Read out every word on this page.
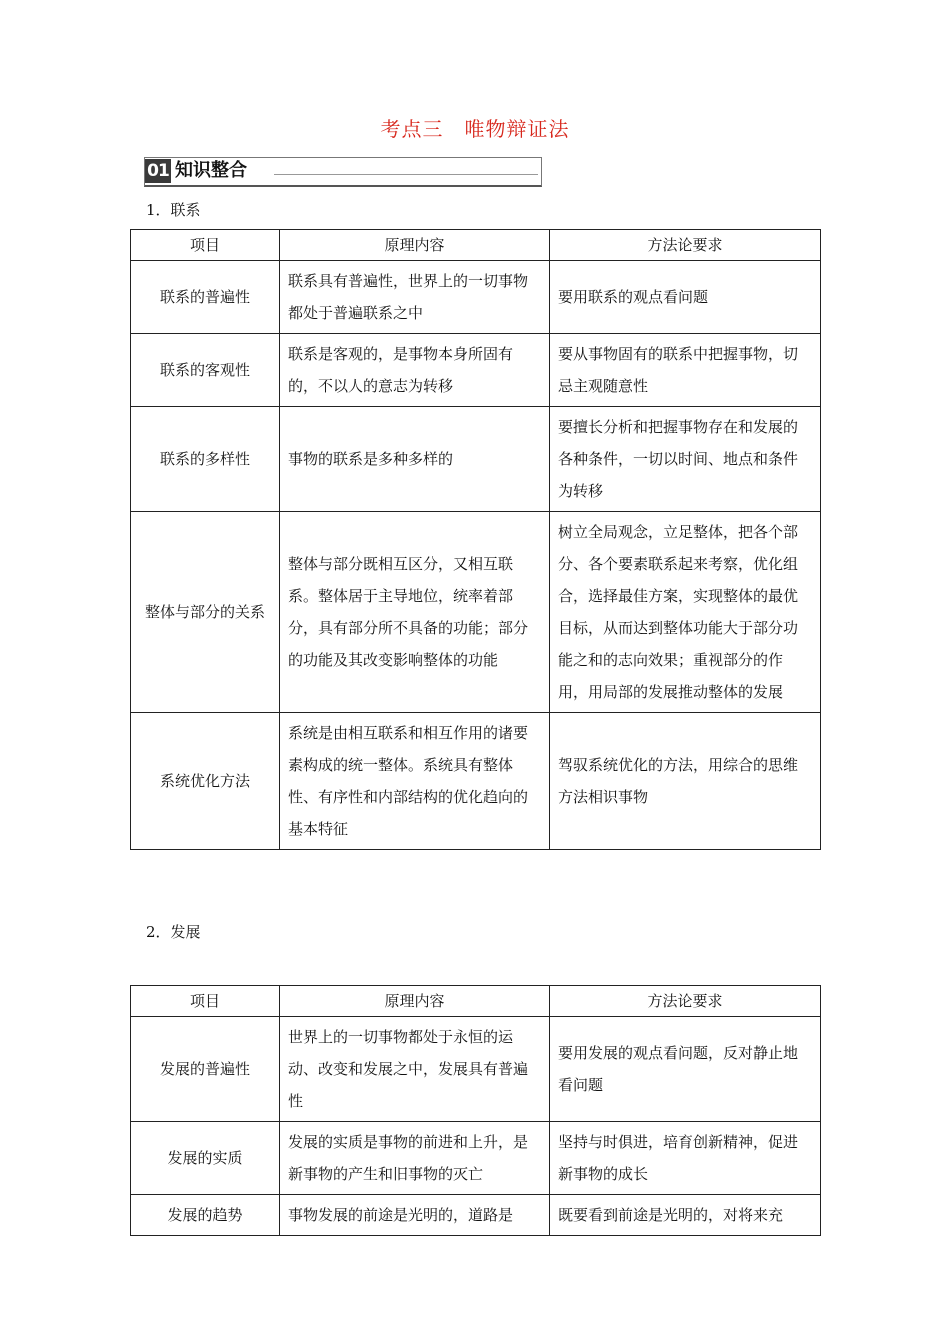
考点三　唯物辩证法
01 知识整合
1．联系
项目	原理内容	方法论要求
联系的普遍性	联系具有普遍性，世界上的一切事物都处于普遍联系之中	要用联系的观点看问题
联系的客观性	联系是客观的，是事物本身所固有的，不以人的意志为转移	要从事物固有的联系中把握事物，切忌主观随意性
联系的多样性	事物的联系是多种多样的	要擅长分析和把握事物存在和发展的各种条件，一切以时间、地点和条件为转移
整体与部分的关系	整体与部分既相互区分，又相互联系。整体居于主导地位，统率着部分，具有部分所不具备的功能；部分的功能及其改变影响整体的功能	树立全局观念，立足整体，把各个部分、各个要素联系起来考察，优化组合，选择最佳方案，实现整体的最优目标，从而达到整体功能大于部分功能之和的志向效果；重视部分的作用，用局部的发展推动整体的发展
系统优化方法	系统是由相互联系和相互作用的诸要素构成的统一整体。系统具有整体性、有序性和内部结构的优化趋向的基本特征	驾驭系统优化的方法，用综合的思维方法相识事物
2．发展
项目	原理内容	方法论要求
发展的普遍性	世界上的一切事物都处于永恒的运动、改变和发展之中，发展具有普遍性	要用发展的观点看问题，反对静止地看问题
发展的实质	发展的实质是事物的前进和上升，是新事物的产生和旧事物的灭亡	坚持与时俱进，培育创新精神，促进新事物的成长
发展的趋势	事物发展的前途是光明的，道路是	既要看到前途是光明的，对将来充
